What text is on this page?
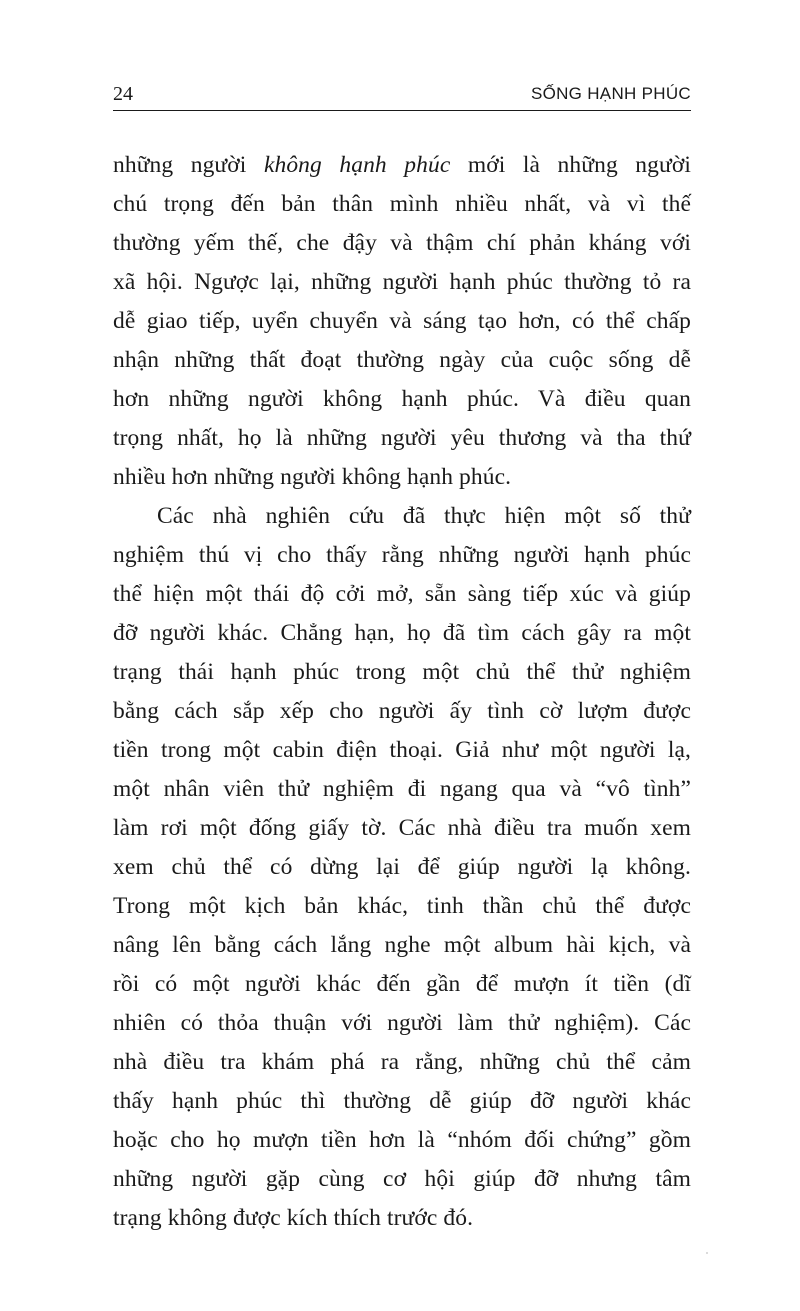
24	SỐNG HẠNH PHÚC
những người không hạnh phúc mới là những người
chú trọng đến bản thân mình nhiều nhất, và vì thế
thường yếm thế, che đậy và thậm chí phản kháng với
xã hội. Ngược lại, những người hạnh phúc thường tỏ ra
dễ giao tiếp, uyển chuyển và sáng tạo hơn, có thể chấp
nhận những thất đoạt thường ngày của cuộc sống dễ
hơn những người không hạnh phúc. Và điều quan
trọng nhất, họ là những người yêu thương và tha thứ
nhiều hơn những người không hạnh phúc.
Các nhà nghiên cứu đã thực hiện một số thử
nghiệm thú vị cho thấy rằng những người hạnh phúc
thể hiện một thái độ cởi mở, sẵn sàng tiếp xúc và giúp
đỡ người khác. Chẳng hạn, họ đã tìm cách gây ra một
trạng thái hạnh phúc trong một chủ thể thử nghiệm
bằng cách sắp xếp cho người ấy tình cờ lượm được
tiền trong một cabin điện thoại. Giả như một người lạ,
một nhân viên thử nghiệm đi ngang qua và “vô tình”
làm rơi một đống giấy tờ. Các nhà điều tra muốn xem
xem chủ thể có dừng lại để giúp người lạ không.
Trong một kịch bản khác, tinh thần chủ thể được
nâng lên bằng cách lắng nghe một album hài kịch, và
rồi có một người khác đến gần để mượn ít tiền (dĩ
nhiên có thỏa thuận với người làm thử nghiệm). Các
nhà điều tra khám phá ra rằng, những chủ thể cảm
thấy hạnh phúc thì thường dễ giúp đỡ người khác
hoặc cho họ mượn tiền hơn là “nhóm đối chứng” gồm
những người gặp cùng cơ hội giúp đỡ nhưng tâm
trạng không được kích thích trước đó.
